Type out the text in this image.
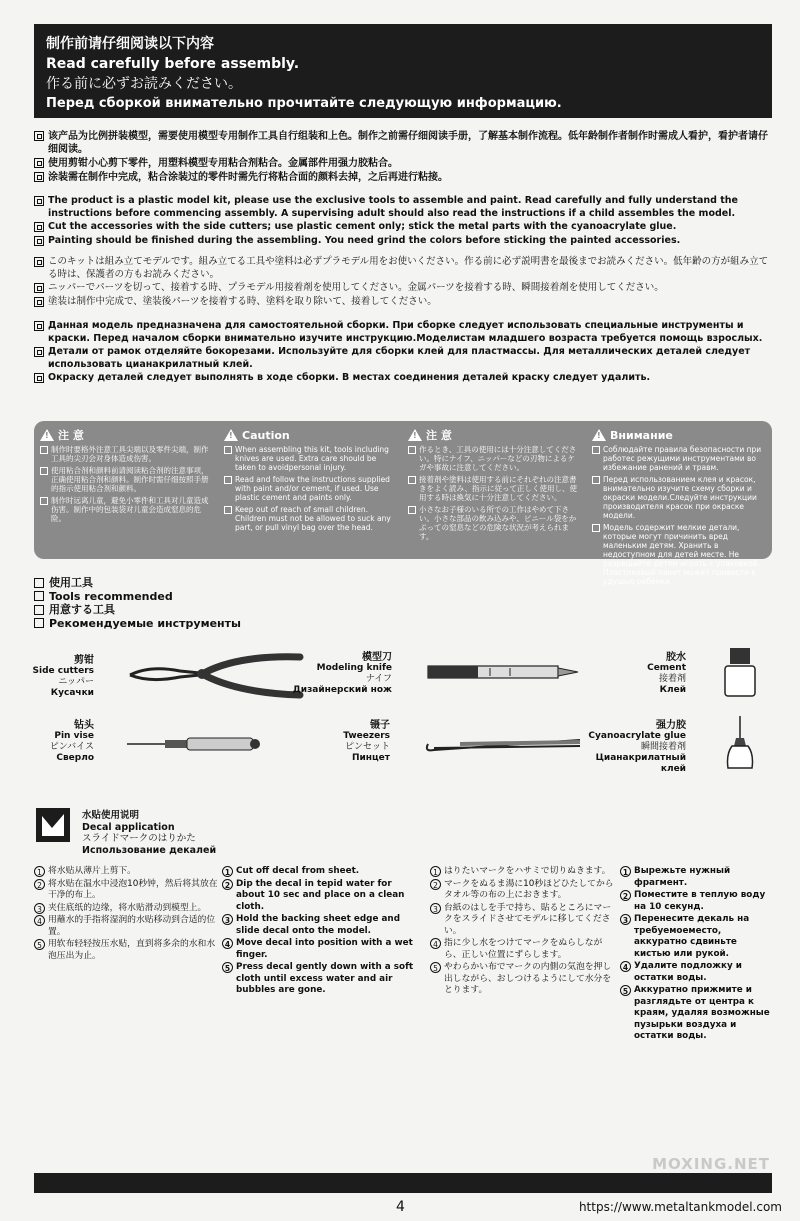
制作前请仔细阅读以下内容
Read carefully before assembly.
作る前に必ずお読みください。
Перед сборкой внимательно прочитайте следующую информацию.

该产品为比例拼装模型，需要使用模型专用制作工具自行组装和上色。制作之前需仔细阅读手册，了解基本制作流程。低年龄制作者制作时需成人看护，看护者请仔细阅读。

使用剪钳小心剪下零件，用塑料模型专用粘合剂粘合。金属部件用强力胶粘合。

涂装需在制作中完成，粘合涂装过的零件时需先行将粘合面的颜料去掉，之后再进行粘接。

The product is a plastic model kit, please use the exclusive tools to assemble and paint. Read carefully and fully understand the instructions before commencing assembly. A supervising adult should also read the instructions if a child assembles the model.

Cut the accessories with the side cutters; use plastic cement only; stick the metal parts with the cyanoacrylate glue.

Painting should be finished during the assembling. You need grind the colors before sticking the painted accessories.

このキットは組み立てモデルです。組み立てる工具や塗料は必ずプラモデル用をお使いください。作る前に必ず説明書を最後までお読みください。低年齢の方が組み立てる時は、保護者の方もお読みください。

ニッパーでパーツを切って、接着する時、プラモデル用接着剤を使用してください。金属パーツを接着する時、瞬間接着剤を使用してください。

塗装は制作中完成で、塗装後パーツを接着する時、塗料を取り除いて、接着してください。

Данная модель предназначена для самостоятельной сборки. При сборке следует использовать специальные инструменты и краски. Перед началом сборки внимательно изучите инструкцию.Моделистам младшего возраста требуется помощь взрослых.

Детали от рамок отделяйте бокорезами. Используйте для сборки клей для пластмассы. Для металлических деталей следует использовать цианакрилатный клей.

Окраску деталей следует выполнять в ходе сборки. В местах соединения деталей краску следует удалить.

!
注 意

制作时要格外注意工具尖端以及零件尖端，制作工具的尖刃会对身体造成伤害。

使用粘合剂和颜料前请阅读粘合剂的注意事项，正确使用粘合剂和颜料。制作时需仔细按照手册的指示使用粘合剂和颜料。

制作时远离儿童，避免小零件和工具对儿童造成伤害。制作中的包装袋对儿童会造成窒息的危险。

!
Caution

When assembling this kit, tools including knives are used. Extra care should be taken to avoidpersonal injury.

Read and follow the instructions supplied with paint and/or cement, if used. Use plastic cement and paints only.

Keep out of reach of small children. Children must not be allowed to suck any part, or pull vinyl bag over the head.

!
注 意

作るとき、工具の使用には十分注意してください。特にナイフ、ニッパーなどの刃物によるケガや事故に注意してください。

接着剤や塗料は使用する前にそれぞれの注意書きをよく読み、指示に従って正しく使用し、使用する時は換気に十分注意してください。

小さなお子様のいる所での工作はやめて下さい。小さな部品の飲み込みや、ビニール袋をかぶっての窒息などの危険な状況が考えられます。

!
Внимание

Соблюдайте правила безопасности при работес режущими инструментами во избежание ранений и травм.

Перед использованием клея и красок, внимательно изучите схему сборки и окраски модели.Следуйте инструкции производителя красок при окраске модели.

Модель содержит мелкие детали, которые могут причинить вред маленьким детям. Хранить в недоступном для детей месте. Не разрешайте детям играть с упаковкой. Пластиковый пакет может привести к удушью ребенка.

使用工具
Tools recommended
用意する工具
Рекомендуемые инструменты
剪钳
Side cutters
ニッパー
Кусачки
模型刀
Modeling knife
ナイフ
Дизайнерский нож
胶水
Cement
接着剤
Клей
钻头
Pin vise
ピンバイス
Сверло
镊子
Tweezers
ピンセット
Пинцет
强力胶
Cyanoacrylate glue
瞬間接着剤
Цианакрилатный клей
水贴使用说明
Decal application
スライドマークのはりかた
Использование декалей

1 将水贴从薄片上剪下。

2 将水贴在温水中浸泡10秒钟，然后将其放在干净的布上。

3 夹住底纸的边缘，将水贴滑动到模型上。

4 用蘸水的手指将湿润的水贴移动到合适的位置。

5 用软布轻轻按压水贴，直到将多余的水和水泡压出为止。

1 Cut off decal from sheet.

2 Dip the decal in tepid water for about 10 sec and place on a clean cloth.

3 Hold the backing sheet edge and slide decal onto the model.

4 Move decal into position with a wet finger.

5 Press decal gently down with a soft cloth until excess water and air bubbles are gone.

1 はりたいマークをハサミで切りぬきます。

2 マークをぬるま湯に10秒ほどひたしてからタオル等の布の上におきます。

3 台紙のはしを手で持ち、貼るところにマークをスライドさせてモデルに移してください。

4 指に少し水をつけてマークをぬらしながら、正しい位置にずらします。

5 やわらかい布でマークの内側の気泡を押し出しながら、おしつけるようにして水分をとります。

1 Вырежьте нужный фрагмент.

2 Поместите в теплую воду на 10 секунд.

3 Перенесите декаль на требуемоеместо, аккуратно сдвиньте кистью или рукой.

4 Удалите подложку и остатки воды.

5 Аккуратно прижмите и разглядьте от центра к краям, удаляя возможные пузырьки воздуха и остатки воды.

MOXING.NET
4	https://www.metaltankmodel.com
